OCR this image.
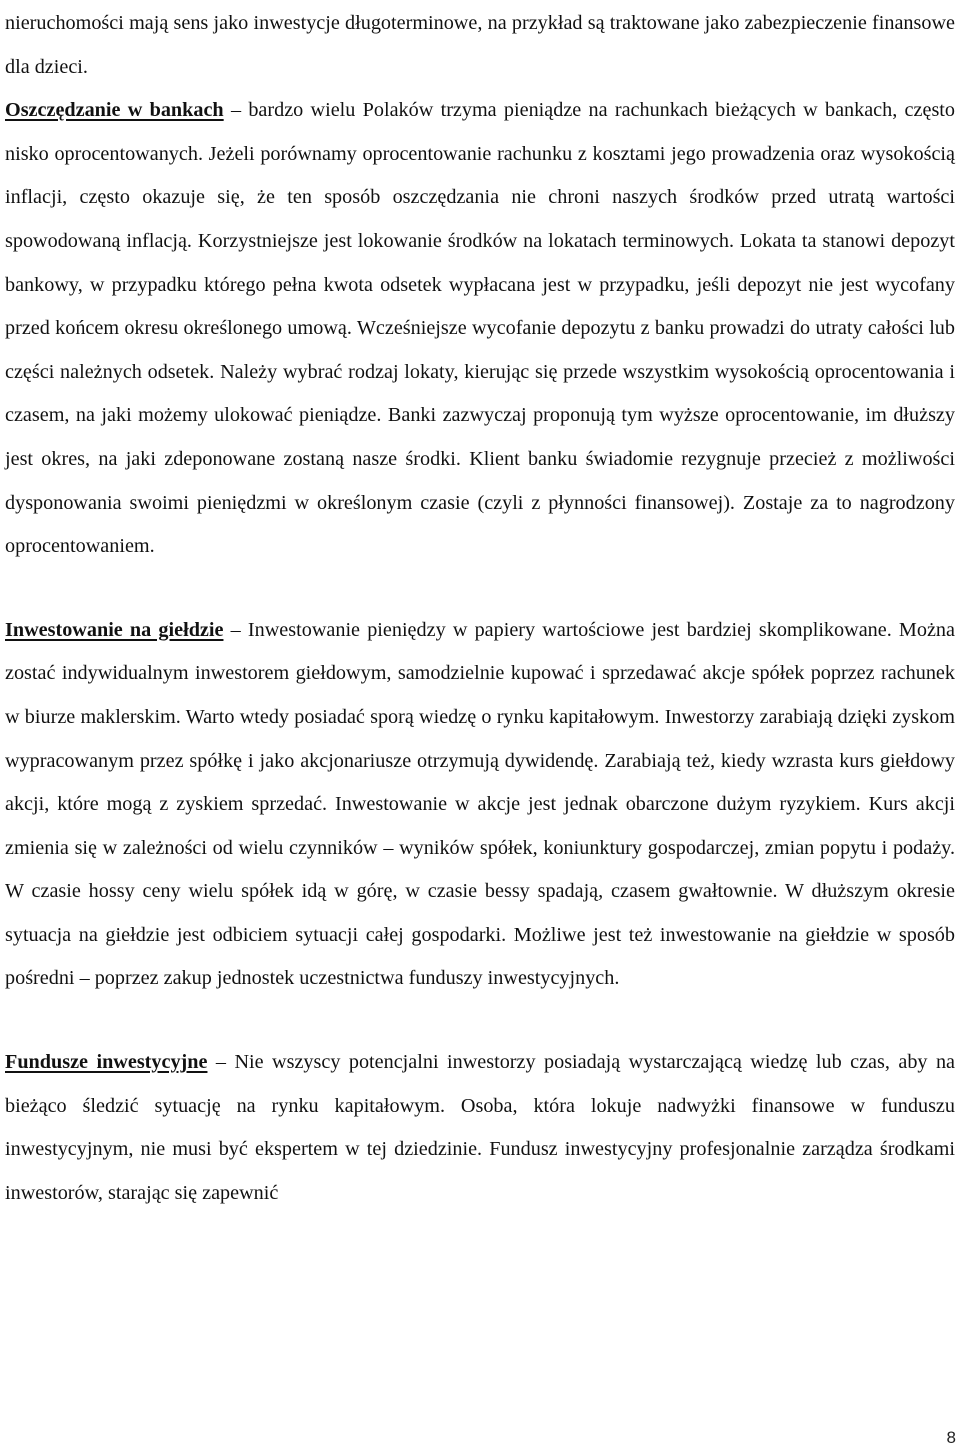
nieruchomości mają sens jako inwestycje długoterminowe, na przykład są traktowane jako zabezpieczenie finansowe dla dzieci.

Oszczędzanie w bankach – bardzo wielu Polaków trzyma pieniądze na rachunkach bieżących w bankach, często nisko oprocentowanych. Jeżeli porównamy oprocentowanie rachunku z kosztami jego prowadzenia oraz wysokością inflacji, często okazuje się, że ten sposób oszczędzania nie chroni naszych środków przed utratą wartości spowodowaną inflacją. Korzystniejsze jest lokowanie środków na lokatach terminowych. Lokata ta stanowi depozyt bankowy, w przypadku którego pełna kwota odsetek wypłacana jest w przypadku, jeśli depozyt nie jest wycofany przed końcem okresu określonego umową. Wcześniejsze wycofanie depozytu z banku prowadzi do utraty całości lub części należnych odsetek. Należy wybrać rodzaj lokaty, kierując się przede wszystkim wysokością oprocentowania i czasem, na jaki możemy ulokować pieniądze. Banki zazwyczaj proponują tym wyższe oprocentowanie, im dłuższy jest okres, na jaki zdeponowane zostaną nasze środki. Klient banku świadomie rezygnuje przecież z możliwości dysponowania swoimi pieniędzmi w określonym czasie (czyli z płynności finansowej). Zostaje za to nagrodzony oprocentowaniem.

Inwestowanie na giełdzie – Inwestowanie pieniędzy w papiery wartościowe jest bardziej skomplikowane. Można zostać indywidualnym inwestorem giełdowym, samodzielnie kupować i sprzedawać akcje spółek poprzez rachunek w biurze maklerskim. Warto wtedy posiadać sporą wiedzę o rynku kapitałowym. Inwestorzy zarabiają dzięki zyskom wypracowanym przez spółkę i jako akcjonariusze otrzymują dywidendę. Zarabiają też, kiedy wzrasta kurs giełdowy akcji, które mogą z zyskiem sprzedać. Inwestowanie w akcje jest jednak obarczone dużym ryzykiem. Kurs akcji zmienia się w zależności od wielu czynników – wyników spółek, koniunktury gospodarczej, zmian popytu i podaży. W czasie hossy ceny wielu spółek idą w górę, w czasie bessy spadają, czasem gwałtownie. W dłuższym okresie sytuacja na giełdzie jest odbiciem sytuacji całej gospodarki. Możliwe jest też inwestowanie na giełdzie w sposób pośredni – poprzez zakup jednostek uczestnictwa funduszy inwestycyjnych.

Fundusze inwestycyjne – Nie wszyscy potencjalni inwestorzy posiadają wystarczającą wiedzę lub czas, aby na bieżąco śledzić sytuację na rynku kapitałowym. Osoba, która lokuje nadwyżki finansowe w funduszu inwestycyjnym, nie musi być ekspertem w tej dziedzinie. Fundusz inwestycyjny profesjonalnie zarządza środkami inwestorów, starając się zapewnić

8
